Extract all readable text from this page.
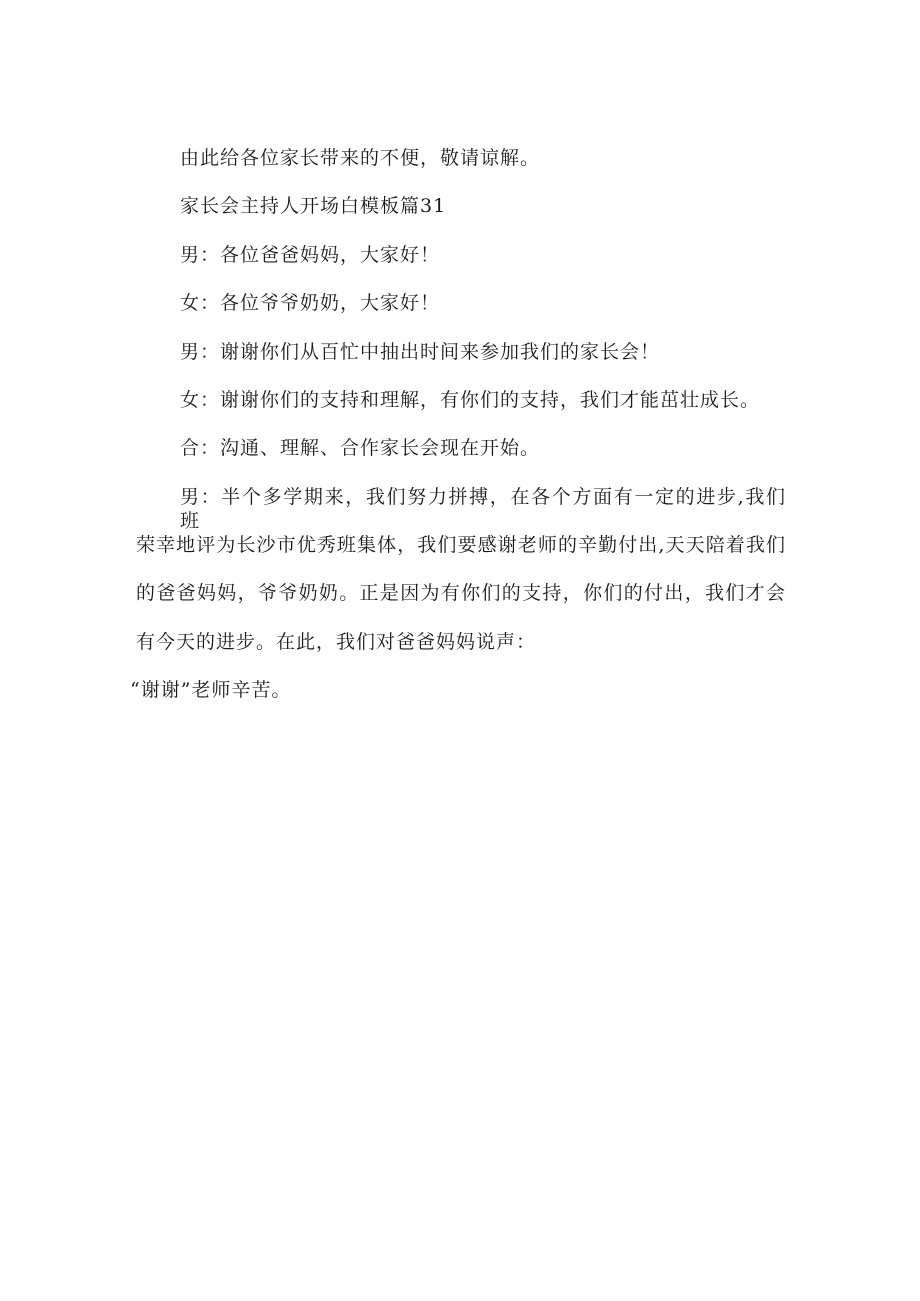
由此给各位家长带来的不便，敬请谅解。
家长会主持人开场白模板篇31
男：各位爸爸妈妈，大家好！
女：各位爷爷奶奶，大家好！
男：谢谢你们从百忙中抽出时间来参加我们的家长会！
女：谢谢你们的支持和理解，有你们的支持，我们才能茁壮成长。
合：沟通、理解、合作家长会现在开始。
男：半个多学期来，我们努力拼搏，在各个方面有一定的进步,我们班
荣幸地评为长沙市优秀班集体，我们要感谢老师的辛勤付出,天天陪着我们
的爸爸妈妈，爷爷奶奶。正是因为有你们的支持，你们的付出，我们才会
有今天的进步。在此，我们对爸爸妈妈说声：
“谢谢”老师辛苦。
